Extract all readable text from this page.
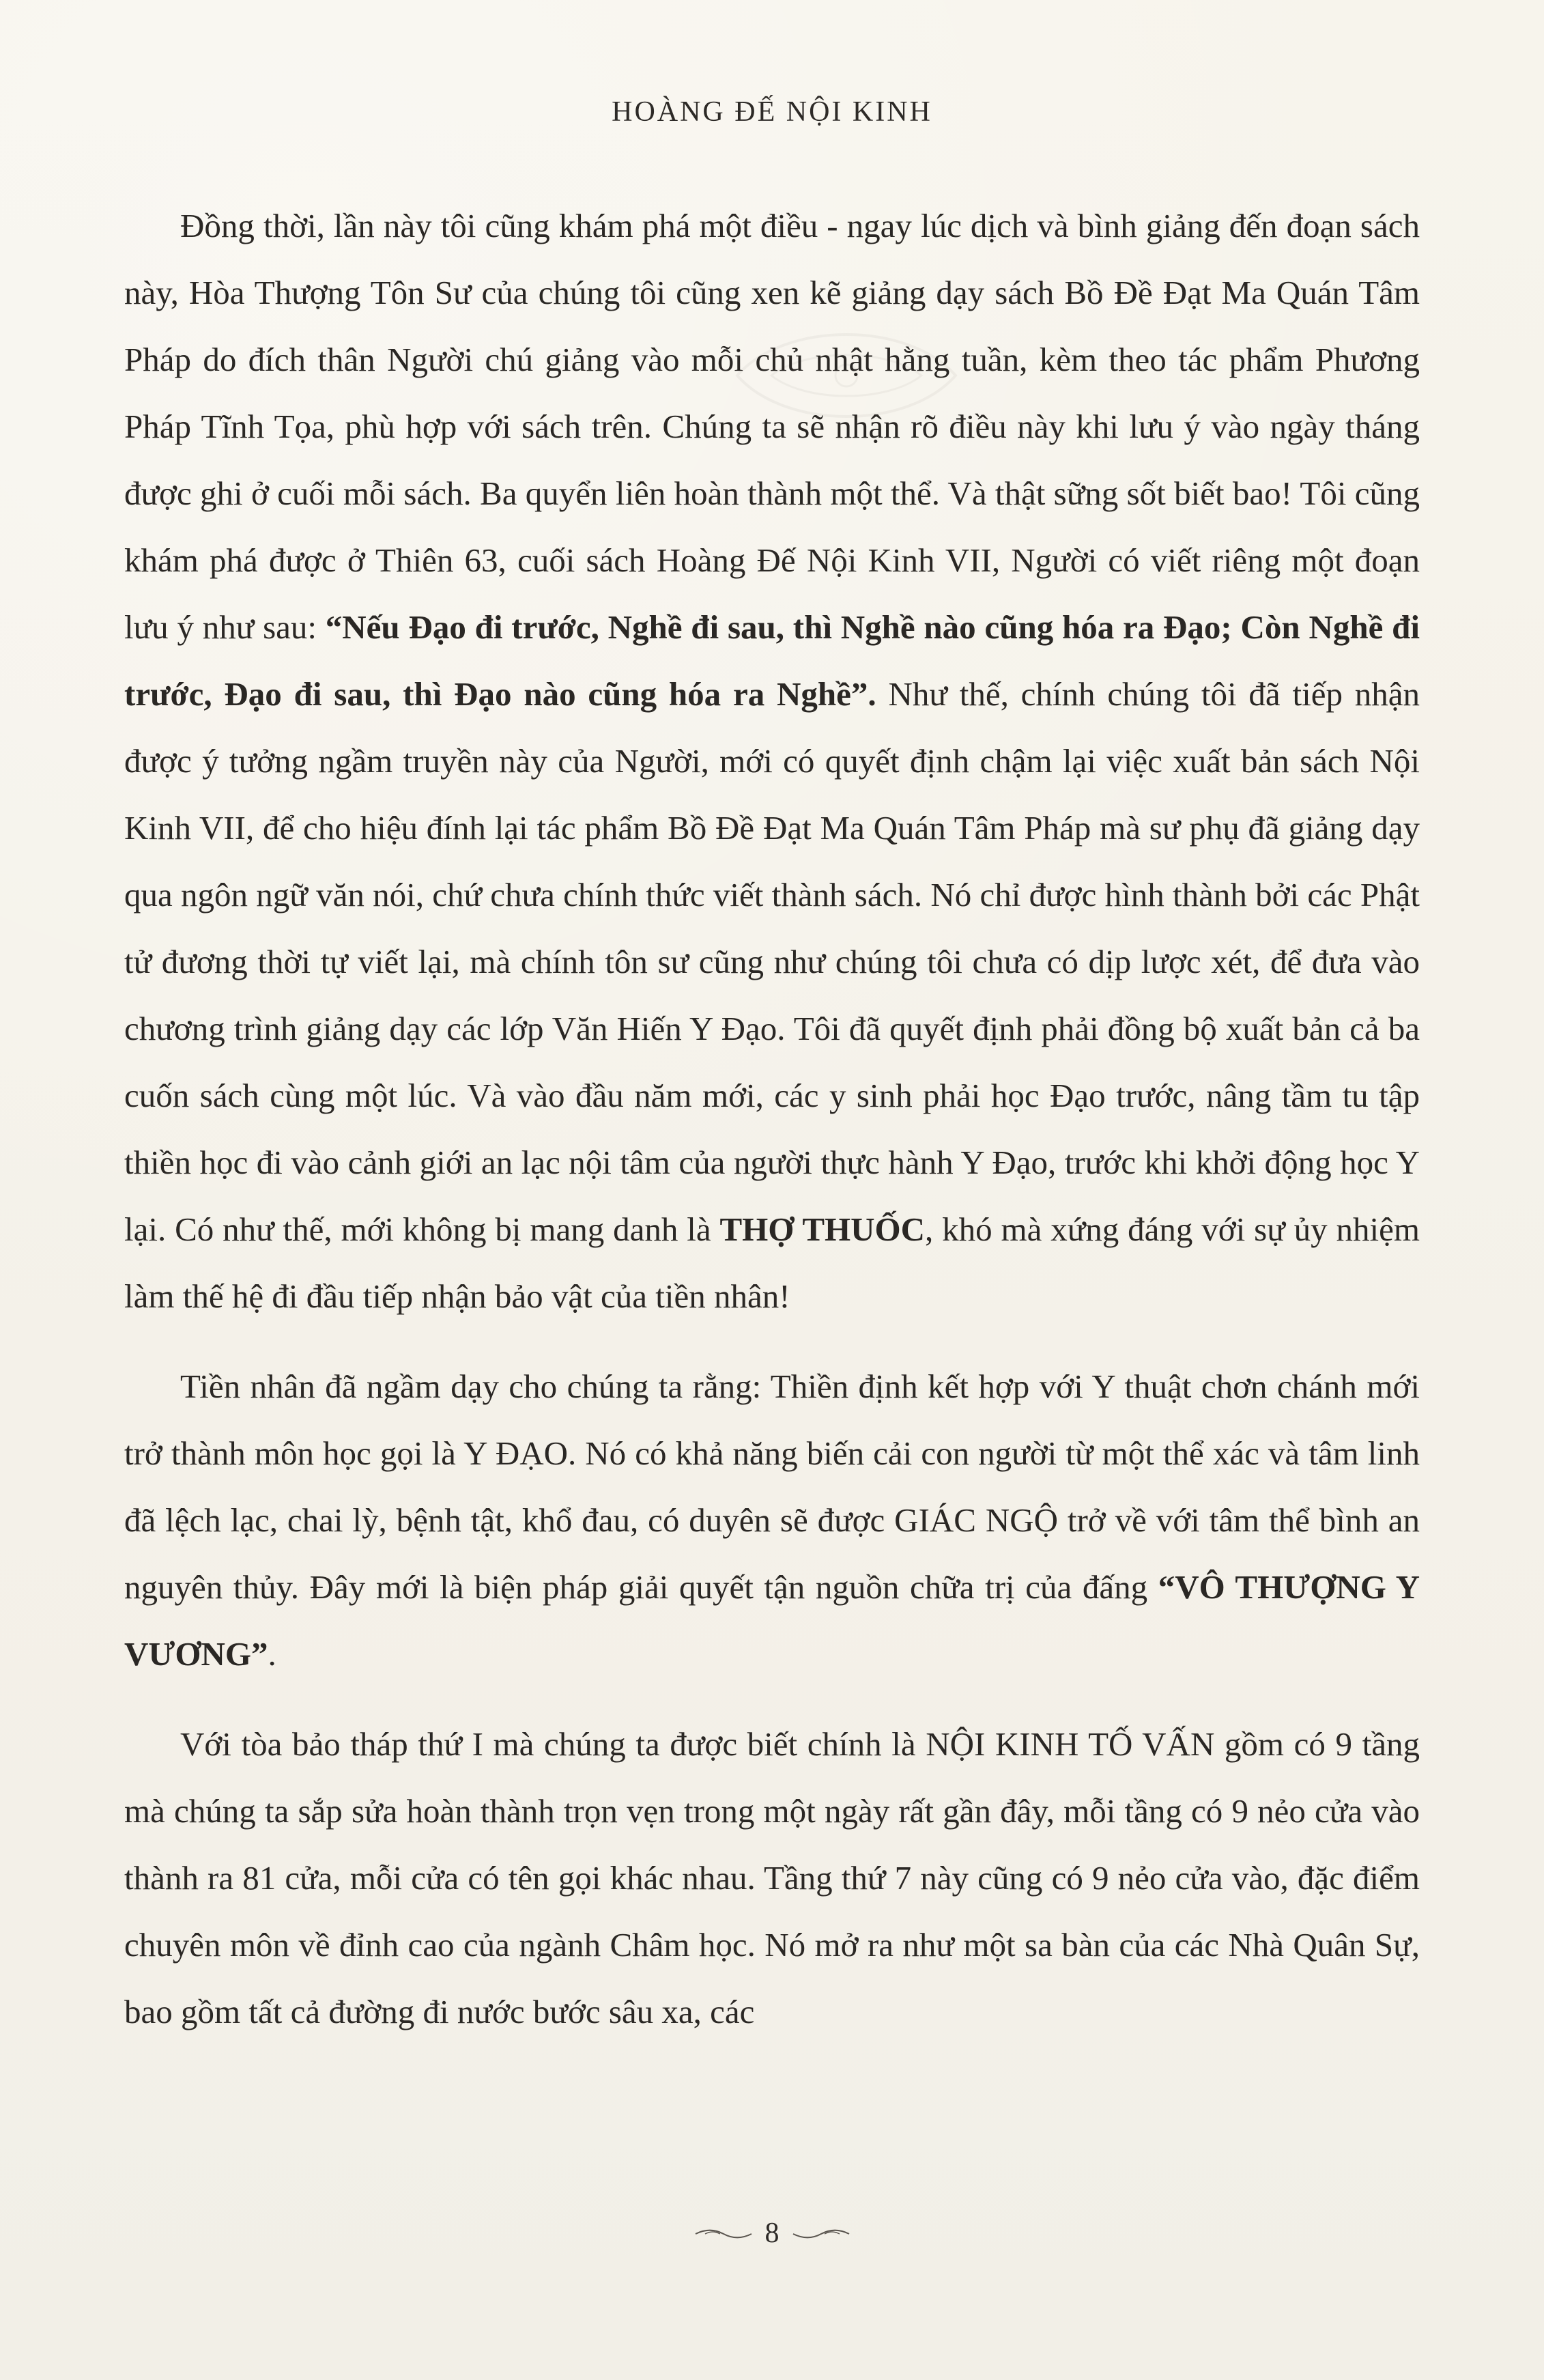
HOÀNG ĐẾ NỘI KINH

Đồng thời, lần này tôi cũng khám phá một điều - ngay lúc dịch và bình giảng đến đoạn sách này, Hòa Thượng Tôn Sư của chúng tôi cũng xen kẽ giảng dạy sách Bồ Đề Đạt Ma Quán Tâm Pháp do đích thân Người chú giảng vào mỗi chủ nhật hằng tuần, kèm theo tác phẩm Phương Pháp Tĩnh Tọa, phù hợp với sách trên. Chúng ta sẽ nhận rõ điều này khi lưu ý vào ngày tháng được ghi ở cuối mỗi sách. Ba quyển liên hoàn thành một thể. Và thật sững sốt biết bao! Tôi cũng khám phá được ở Thiên 63, cuối sách Hoàng Đế Nội Kinh VII, Người có viết riêng một đoạn lưu ý như sau: “Nếu Đạo đi trước, Nghề đi sau, thì Nghề nào cũng hóa ra Đạo; Còn Nghề đi trước, Đạo đi sau, thì Đạo nào cũng hóa ra Nghề”. Như thế, chính chúng tôi đã tiếp nhận được ý tưởng ngầm truyền này của Người, mới có quyết định chậm lại việc xuất bản sách Nội Kinh VII, để cho hiệu đính lại tác phẩm Bồ Đề Đạt Ma Quán Tâm Pháp mà sư phụ đã giảng dạy qua ngôn ngữ văn nói, chứ chưa chính thức viết thành sách. Nó chỉ được hình thành bởi các Phật tử đương thời tự viết lại, mà chính tôn sư cũng như chúng tôi chưa có dịp lược xét, để đưa vào chương trình giảng dạy các lớp Văn Hiến Y Đạo. Tôi đã quyết định phải đồng bộ xuất bản cả ba cuốn sách cùng một lúc. Và vào đầu năm mới, các y sinh phải học Đạo trước, nâng tầm tu tập thiền học đi vào cảnh giới an lạc nội tâm của người thực hành Y Đạo, trước khi khởi động học Y lại. Có như thế, mới không bị mang danh là THỢ THUỐC, khó mà xứng đáng với sự ủy nhiệm làm thế hệ đi đầu tiếp nhận bảo vật của tiền nhân!

Tiền nhân đã ngầm dạy cho chúng ta rằng: Thiền định kết hợp với Y thuật chơn chánh mới trở thành môn học gọi là Y ĐẠO. Nó có khả năng biến cải con người từ một thể xác và tâm linh đã lệch lạc, chai lỳ, bệnh tật, khổ đau, có duyên sẽ được GIÁC NGỘ trở về với tâm thể bình an nguyên thủy. Đây mới là biện pháp giải quyết tận nguồn chữa trị của đấng “VÔ THƯỢNG Y VƯƠNG”.

Với tòa bảo tháp thứ I mà chúng ta được biết chính là NỘI KINH TỐ VẤN gồm có 9 tầng mà chúng ta sắp sửa hoàn thành trọn vẹn trong một ngày rất gần đây, mỗi tầng có 9 nẻo cửa vào thành ra 81 cửa, mỗi cửa có tên gọi khác nhau. Tầng thứ 7 này cũng có 9 nẻo cửa vào, đặc điểm chuyên môn về đỉnh cao của ngành Châm học. Nó mở ra như một sa bàn của các Nhà Quân Sự, bao gồm tất cả đường đi nước bước sâu xa, các

8
